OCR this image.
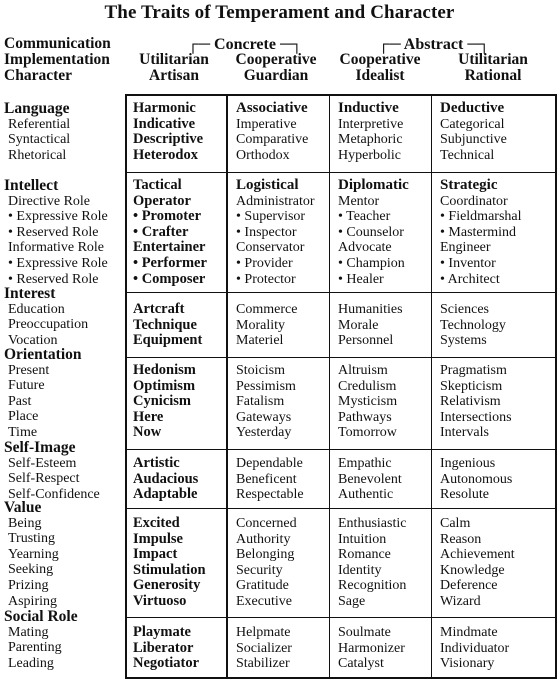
The Traits of Temperament and Character
Communication
Implementation
Character
┌─ Concrete ─┐	┌─ Abstract ─┐
Utilitarian
Artisan
Cooperative
Guardian
Cooperative
Idealist
Utilitarian
Rational
Language
Referential
Syntactical
Rhetorical
Harmonic
Indicative
Descriptive
Heterodox
Associative
Imperative
Comparative
Orthodox
Inductive
Interpretive
Metaphoric
Hyperbolic
Deductive
Categorical
Subjunctive
Technical
Intellect
Directive Role
• Expressive Role
• Reserved Role
Informative Role
• Expressive Role
• Reserved Role
Tactical
Operator
• Promoter
• Crafter
Entertainer
• Performer
• Composer
Logistical
Administrator
• Supervisor
• Inspector
Conservator
• Provider
• Protector
Diplomatic
Mentor
• Teacher
• Counselor
Advocate
• Champion
• Healer
Strategic
Coordinator
• Fieldmarshal
• Mastermind
Engineer
• Inventor
• Architect
Interest
Education
Preoccupation
Vocation
Artcraft
Technique
Equipment
Commerce
Morality
Materiel
Humanities
Morale
Personnel
Sciences
Technology
Systems
Orientation
Present
Future
Past
Place
Time
Hedonism
Optimism
Cynicism
Here
Now
Stoicism
Pessimism
Fatalism
Gateways
Yesterday
Altruism
Credulism
Mysticism
Pathways
Tomorrow
Pragmatism
Skepticism
Relativism
Intersections
Intervals
Self-Image
Self-Esteem
Self-Respect
Self-Confidence
Artistic
Audacious
Adaptable
Dependable
Beneficent
Respectable
Empathic
Benevolent
Authentic
Ingenious
Autonomous
Resolute
Value
Being
Trusting
Yearning
Seeking
Prizing
Aspiring
Excited
Impulse
Impact
Stimulation
Generosity
Virtuoso
Concerned
Authority
Belonging
Security
Gratitude
Executive
Enthusiastic
Intuition
Romance
Identity
Recognition
Sage
Calm
Reason
Achievement
Knowledge
Deference
Wizard
Social Role
Mating
Parenting
Leading
Playmate
Liberator
Negotiator
Helpmate
Socializer
Stabilizer
Soulmate
Harmonizer
Catalyst
Mindmate
Individuator
Visionary
